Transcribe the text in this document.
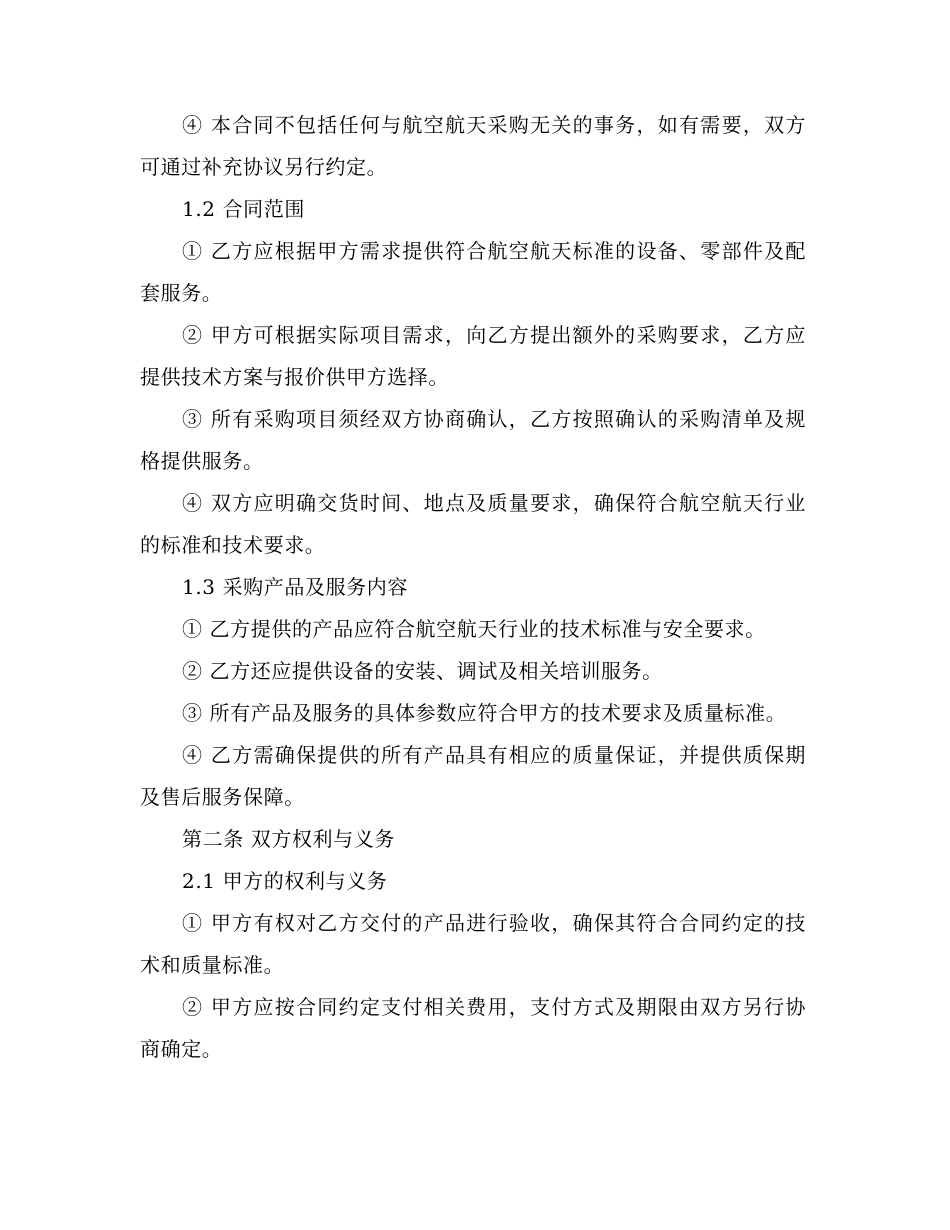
④ 本合同不包括任何与航空航天采购无关的事务，如有需要，双方可通过补充协议另行约定。

1.2 合同范围

① 乙方应根据甲方需求提供符合航空航天标准的设备、零部件及配套服务。

② 甲方可根据实际项目需求，向乙方提出额外的采购要求，乙方应提供技术方案与报价供甲方选择。

③ 所有采购项目须经双方协商确认，乙方按照确认的采购清单及规格提供服务。

④ 双方应明确交货时间、地点及质量要求，确保符合航空航天行业的标准和技术要求。

1.3 采购产品及服务内容

① 乙方提供的产品应符合航空航天行业的技术标准与安全要求。

② 乙方还应提供设备的安装、调试及相关培训服务。

③ 所有产品及服务的具体参数应符合甲方的技术要求及质量标准。

④ 乙方需确保提供的所有产品具有相应的质量保证，并提供质保期及售后服务保障。

第二条 双方权利与义务

2.1 甲方的权利与义务

① 甲方有权对乙方交付的产品进行验收，确保其符合合同约定的技术和质量标准。

② 甲方应按合同约定支付相关费用，支付方式及期限由双方另行协商确定。
